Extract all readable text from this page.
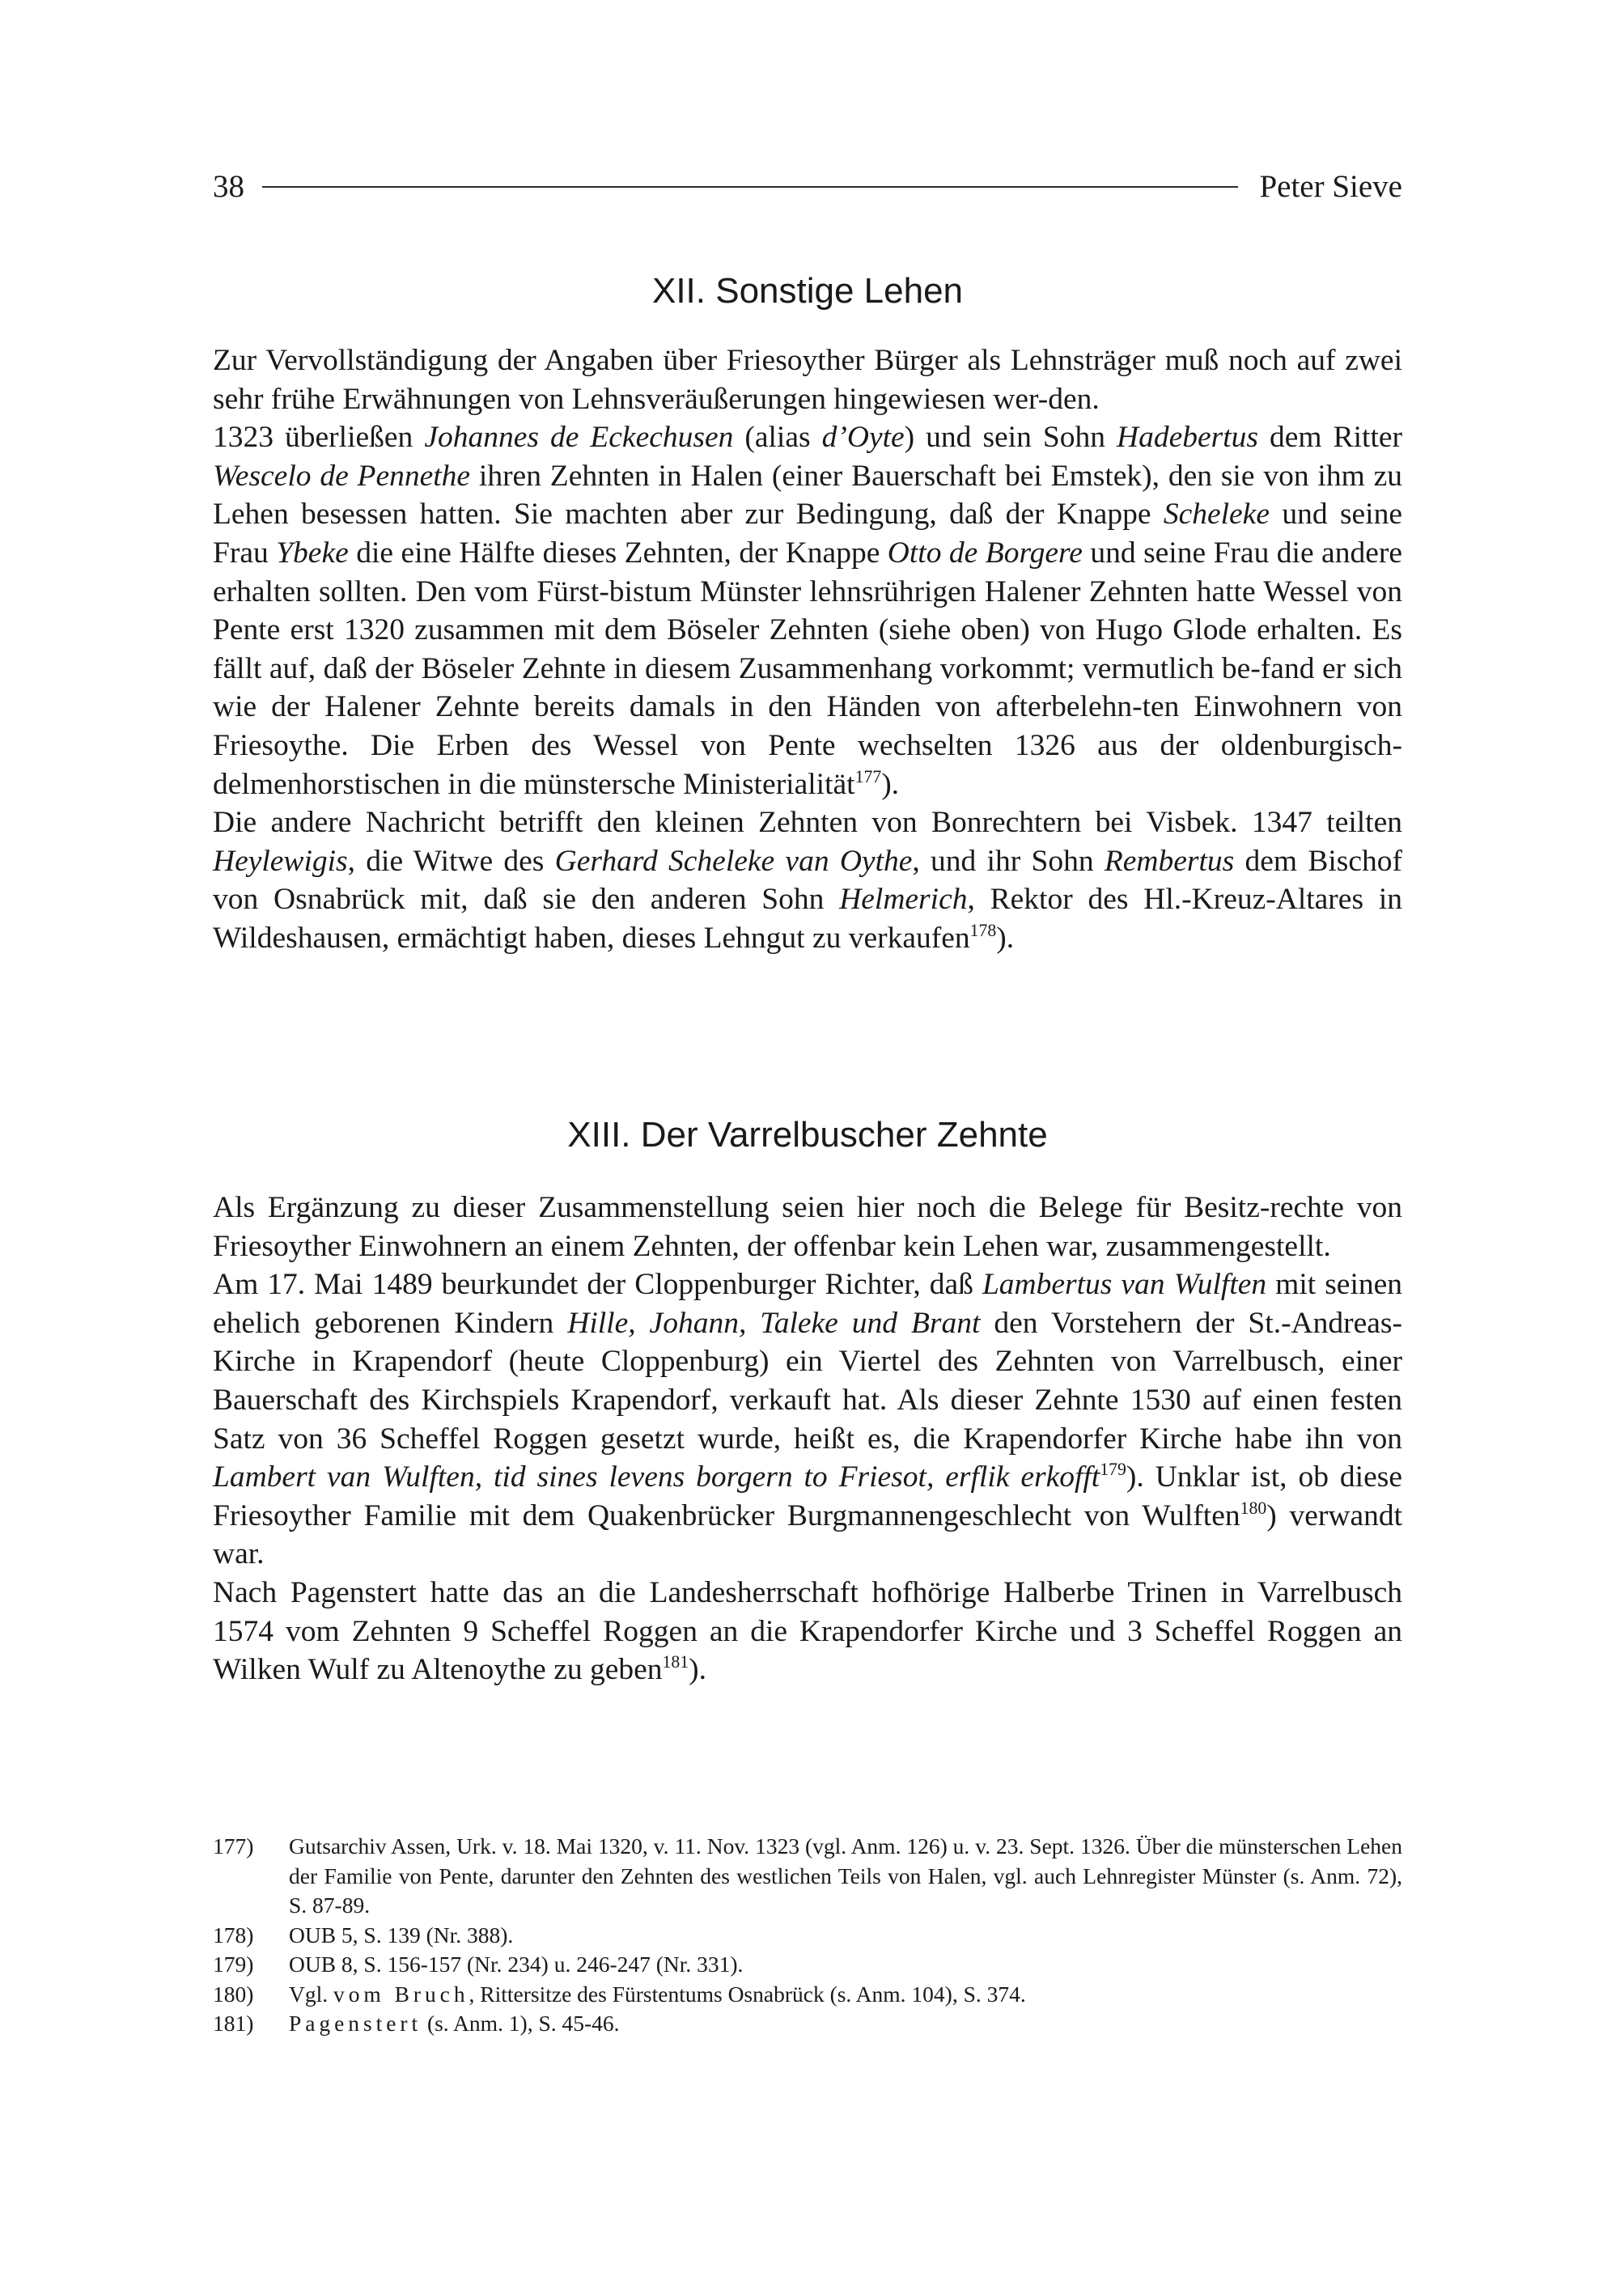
38	Peter Sieve
XII. Sonstige Lehen

Zur Vervollständigung der Angaben über Friesoyther Bürger als Lehnsträger muß noch auf zwei sehr frühe Erwähnungen von Lehnsveräußerungen hingewiesen wer-den.

1323 überließen Johannes de Eckechusen (alias d’Oyte) und sein Sohn Hadebertus dem Ritter Wescelo de Pennethe ihren Zehnten in Halen (einer Bauerschaft bei Emstek), den sie von ihm zu Lehen besessen hatten. Sie machten aber zur Bedingung, daß der Knappe Scheleke und seine Frau Ybeke die eine Hälfte dieses Zehnten, der Knappe Otto de Borgere und seine Frau die andere erhalten sollten. Den vom Fürst-bistum Münster lehnsrührigen Halener Zehnten hatte Wessel von Pente erst 1320 zusammen mit dem Böseler Zehnten (siehe oben) von Hugo Glode erhalten. Es fällt auf, daß der Böseler Zehnte in diesem Zusammenhang vorkommt; vermutlich be-fand er sich wie der Halener Zehnte bereits damals in den Händen von afterbelehn-ten Einwohnern von Friesoythe. Die Erben des Wessel von Pente wechselten 1326 aus der oldenburgisch-delmenhorstischen in die münstersche Ministerialität$^{177}$).

Die andere Nachricht betrifft den kleinen Zehnten von Bonrechtern bei Visbek. 1347 teilten Heylewigis, die Witwe des Gerhard Scheleke van Oythe, und ihr Sohn Rembertus dem Bischof von Osnabrück mit, daß sie den anderen Sohn Helmerich, Rektor des Hl.-Kreuz-Altares in Wildeshausen, ermächtigt haben, dieses Lehngut zu verkaufen$^{178}$).

XIII. Der Varrelbuscher Zehnte

Als Ergänzung zu dieser Zusammenstellung seien hier noch die Belege für Besitz-rechte von Friesoyther Einwohnern an einem Zehnten, der offenbar kein Lehen war, zusammengestellt.

Am 17. Mai 1489 beurkundet der Cloppenburger Richter, daß Lambertus van Wulften mit seinen ehelich geborenen Kindern Hille, Johann, Taleke und Brant den Vorstehern der St.-Andreas-Kirche in Krapendorf (heute Cloppenburg) ein Viertel des Zehnten von Varrelbusch, einer Bauerschaft des Kirchspiels Krapendorf, verkauft hat. Als dieser Zehnte 1530 auf einen festen Satz von 36 Scheffel Roggen gesetzt wurde, heißt es, die Krapendorfer Kirche habe ihn von Lambert van Wulften, tid sines levens borgern to Friesot, erflik erkofft$^{179}$). Unklar ist, ob diese Friesoyther Familie mit dem Quakenbrücker Burgmannengeschlecht von Wulften$^{180}$) verwandt war.

Nach Pagenstert hatte das an die Landesherrschaft hofhörige Halberbe Trinen in Varrelbusch 1574 vom Zehnten 9 Scheffel Roggen an die Krapendorfer Kirche und 3 Scheffel Roggen an Wilken Wulf zu Altenoythe zu geben$^{181}$).

177)	Gutsarchiv Assen, Urk. v. 18. Mai 1320, v. 11. Nov. 1323 (vgl. Anm. 126) u. v. 23. Sept. 1326. Über die münsterschen Lehen der Familie von Pente, darunter den Zehnten des westlichen Teils von Halen, vgl. auch Lehnregister Münster (s. Anm. 72), S. 87-89.
178)	OUB 5, S. 139 (Nr. 388).
179)	OUB 8, S. 156-157 (Nr. 234) u. 246-247 (Nr. 331).
180)	Vgl. vom Bruch, Rittersitze des Fürstentums Osnabrück (s. Anm. 104), S. 374.
181)	Pagenstert (s. Anm. 1), S. 45-46.
